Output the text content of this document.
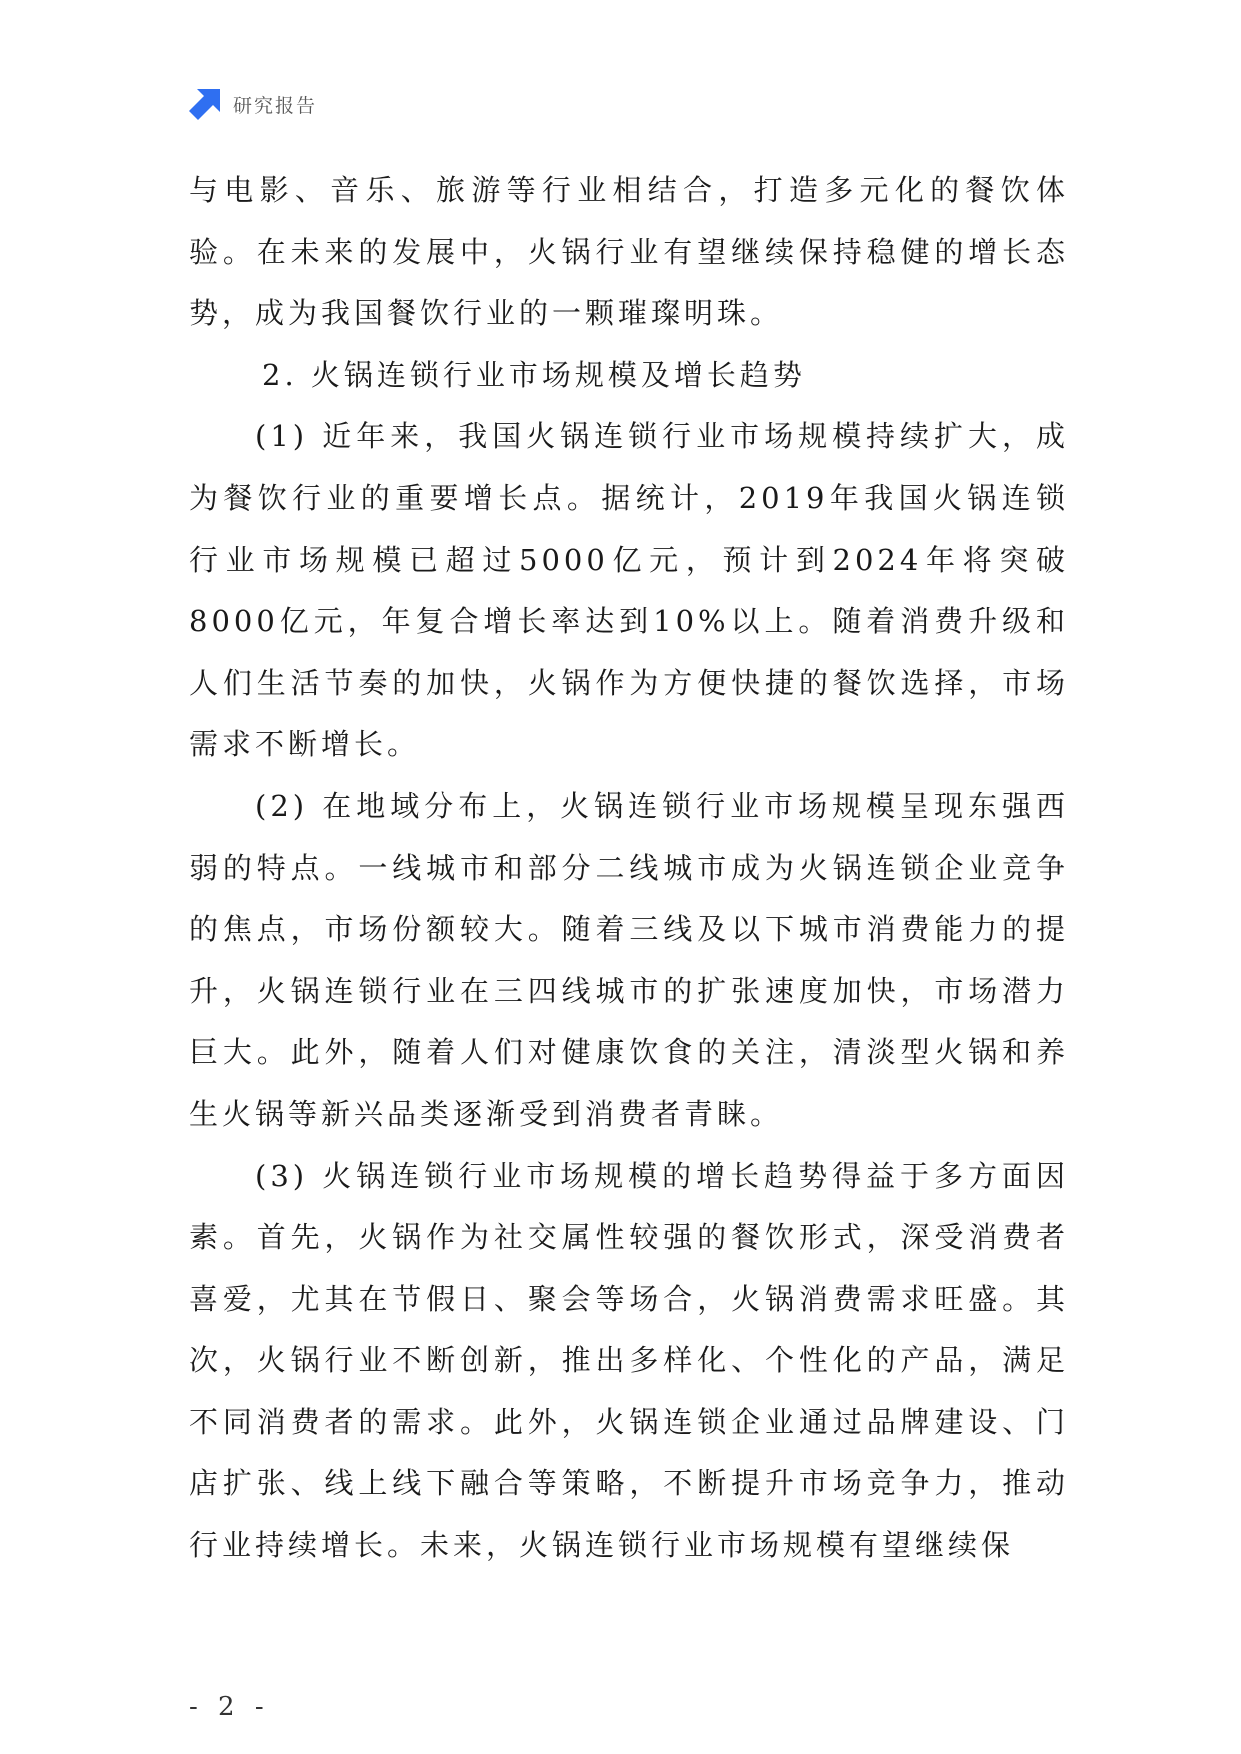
研究报告

与电影、音乐、旅游等行业相结合，打造多元化的餐饮体验。在未来的发展中，火锅行业有望继续保持稳健的增长态势，成为我国餐饮行业的一颗璀璨明珠。

2. 火锅连锁行业市场规模及增长趋势

(1) 近年来，我国火锅连锁行业市场规模持续扩大，成为餐饮行业的重要增长点。据统计，2019年我国火锅连锁行业市场规模已超过5000亿元，预计到2024年将突破8000亿元，年复合增长率达到10%以上。随着消费升级和人们生活节奏的加快，火锅作为方便快捷的餐饮选择，市场需求不断增长。

(2) 在地域分布上，火锅连锁行业市场规模呈现东强西弱的特点。一线城市和部分二线城市成为火锅连锁企业竞争的焦点，市场份额较大。随着三线及以下城市消费能力的提升，火锅连锁行业在三四线城市的扩张速度加快，市场潜力巨大。此外，随着人们对健康饮食的关注，清淡型火锅和养生火锅等新兴品类逐渐受到消费者青睐。

(3) 火锅连锁行业市场规模的增长趋势得益于多方面因素。首先，火锅作为社交属性较强的餐饮形式，深受消费者喜爱，尤其在节假日、聚会等场合，火锅消费需求旺盛。其次，火锅行业不断创新，推出多样化、个性化的产品，满足不同消费者的需求。此外，火锅连锁企业通过品牌建设、门店扩张、线上线下融合等策略，不断提升市场竞争力，推动行业持续增长。未来，火锅连锁行业市场规模有望继续保

- 2 -
